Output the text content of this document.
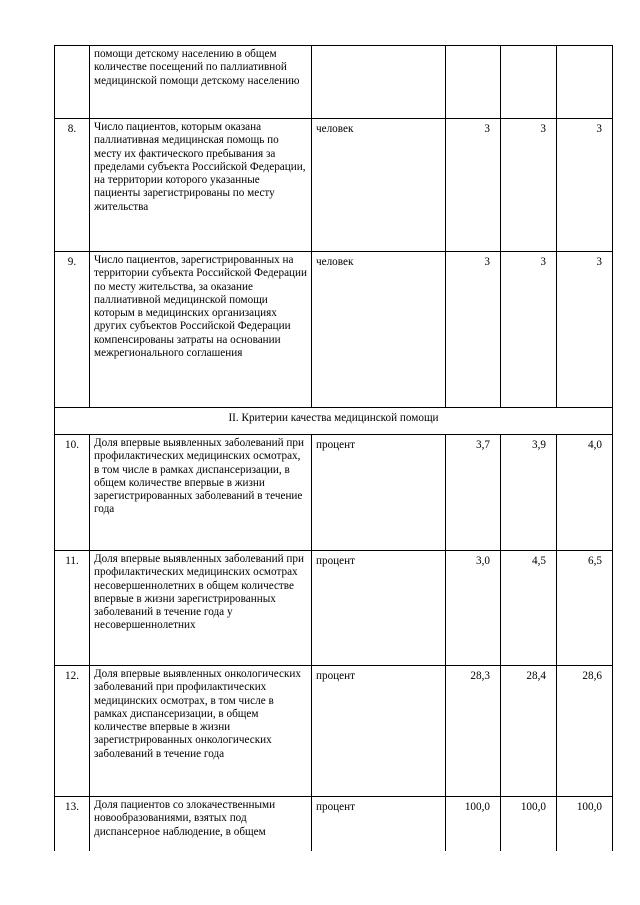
	помощи детскому населению в общем количестве посещений по паллиативной медицинской помощи детскому населению				
8.	Число пациентов, которым оказана паллиативная медицинская помощь по месту их фактического пребывания за пределами субъекта Российской Федерации, на территории которого указанные пациенты зарегистрированы по месту жительства	человек	3	3	3
9.	Число пациентов, зарегистрированных на территории субъекта Российской Федерации по месту жительства, за оказание паллиативной медицинской помощи которым в медицинских организациях других субъектов Российской Федерации компенсированы затраты на основании межрегионального соглашения	человек	3	3	3
II. Критерии качества медицинской помощи					
10.	Доля впервые выявленных заболеваний при профилактических медицинских осмотрах, в том числе в рамках диспансеризации, в общем количестве впервые в жизни зарегистрированных заболеваний в течение года	процент	3,7	3,9	4,0
11.	Доля впервые выявленных заболеваний при профилактических медицинских осмотрах несовершеннолетних в общем количестве впервые в жизни зарегистрированных заболеваний в течение года у несовершеннолетних	процент	3,0	4,5	6,5
12.	Доля впервые выявленных онкологических заболеваний при профилактических медицинских осмотрах, в том числе в рамках диспансеризации, в общем количестве впервые в жизни зарегистрированных онкологических заболеваний в течение года	процент	28,3	28,4	28,6
13.	Доля пациентов со злокачественными новообразованиями, взятых под диспансерное наблюдение, в общем	процент	100,0	100,0	100,0
